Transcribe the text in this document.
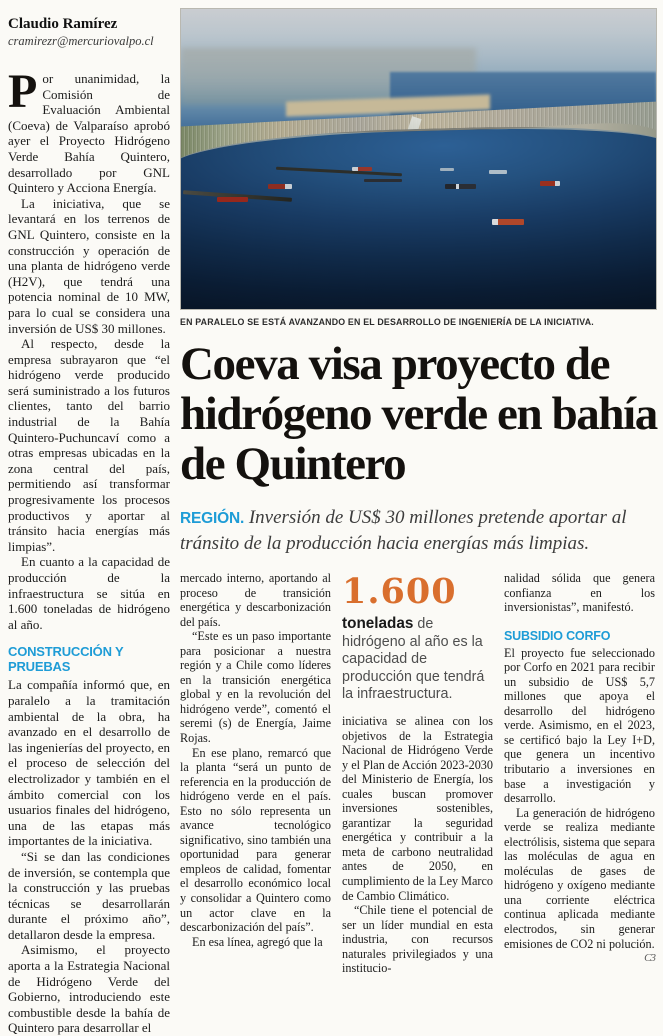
Claudio Ramírez
cramirezr@mercuriovalpo.cl

Por unanimidad, la Comisión de Evaluación Ambiental (Coeva) de Valparaíso aprobó ayer el Proyecto Hidrógeno Verde Bahía Quintero, desarrollado por GNL Quintero y Acciona Energía.

La iniciativa, que se levantará en los terrenos de GNL Quintero, consiste en la construcción y operación de una planta de hidrógeno verde (H2V), que tendrá una potencia nominal de 10 MW, para lo cual se considera una inversión de US$ 30 millones.

Al respecto, desde la empresa subrayaron que “el hidrógeno verde producido será suministrado a los futuros clientes, tanto del barrio industrial de la Bahía Quintero-Puchuncaví como a otras empresas ubicadas en la zona central del país, permitiendo así transformar progresivamente los procesos productivos y aportar al tránsito hacia energías más limpias”.

En cuanto a la capacidad de producción de la infraestructura se sitúa en 1.600 toneladas de hidrógeno al año.

CONSTRUCCIÓN Y PRUEBAS

La compañía informó que, en paralelo a la tramitación ambiental de la obra, ha avanzado en el desarrollo de las ingenierías del proyecto, en el proceso de selección del electrolizador y también en el ámbito comercial con los usuarios finales del hidrógeno, una de las etapas más importantes de la iniciativa.

“Si se dan las condiciones de inversión, se contempla que la construcción y las pruebas técnicas se desarrollarán durante el próximo año”, detallaron desde la empresa.

Asimismo, el proyecto aporta a la Estrategia Nacional de Hidrógeno Verde del Gobierno, introduciendo este combustible desde la bahía de Quintero para desarrollar el

EN PARALELO SE ESTÁ AVANZANDO EN EL DESARROLLO DE INGENIERÍA DE LA INICIATIVA.
Coeva visa proyecto de hidrógeno verde en bahía de Quintero

REGIÓN. Inversión de US$ 30 millones pretende aportar al tránsito de la producción hacia energías más limpias.

mercado interno, aportando al proceso de transición energética y descarbonización del país.

“Este es un paso importante para posicionar a nuestra región y a Chile como líderes en la transición energética global y en la revolución del hidrógeno verde”, comentó el seremi (s) de Energía, Jaime Rojas.

En ese plano, remarcó que la planta “será un punto de referencia en la producción de hidrógeno verde en el país. Esto no sólo representa un avance tecnológico significativo, sino también una oportunidad para generar empleos de calidad, fomentar el desarrollo económico local y consolidar a Quintero como un actor clave en la descarbonización del país”.

En esa línea, agregó que la

1.600
toneladas de hidrógeno al año es la capacidad de producción que tendrá la infraestructura.

iniciativa se alinea con los objetivos de la Estrategia Nacional de Hidrógeno Verde y el Plan de Acción 2023-2030 del Ministerio de Energía, los cuales buscan promover inversiones sostenibles, garantizar la seguridad energética y contribuir a la meta de carbono neutralidad antes de 2050, en cumplimiento de la Ley Marco de Cambio Climático.

“Chile tiene el potencial de ser un líder mundial en esta industria, con recursos naturales privilegiados y una institucio-

nalidad sólida que genera confianza en los inversionistas”, manifestó.

SUBSIDIO CORFO

El proyecto fue seleccionado por Corfo en 2021 para recibir un subsidio de US$ 5,7 millones que apoya el desarrollo del hidrógeno verde. Asimismo, en el 2023, se certificó bajo la Ley I+D, que genera un incentivo tributario a inversiones en base a investigación y desarrollo.

La generación de hidrógeno verde se realiza mediante electrólisis, sistema que separa las moléculas de agua en moléculas de gases de hidrógeno y oxígeno mediante una corriente eléctrica continua aplicada mediante electrodos, sin generar emisiones de CO2 ni polución.
C3
